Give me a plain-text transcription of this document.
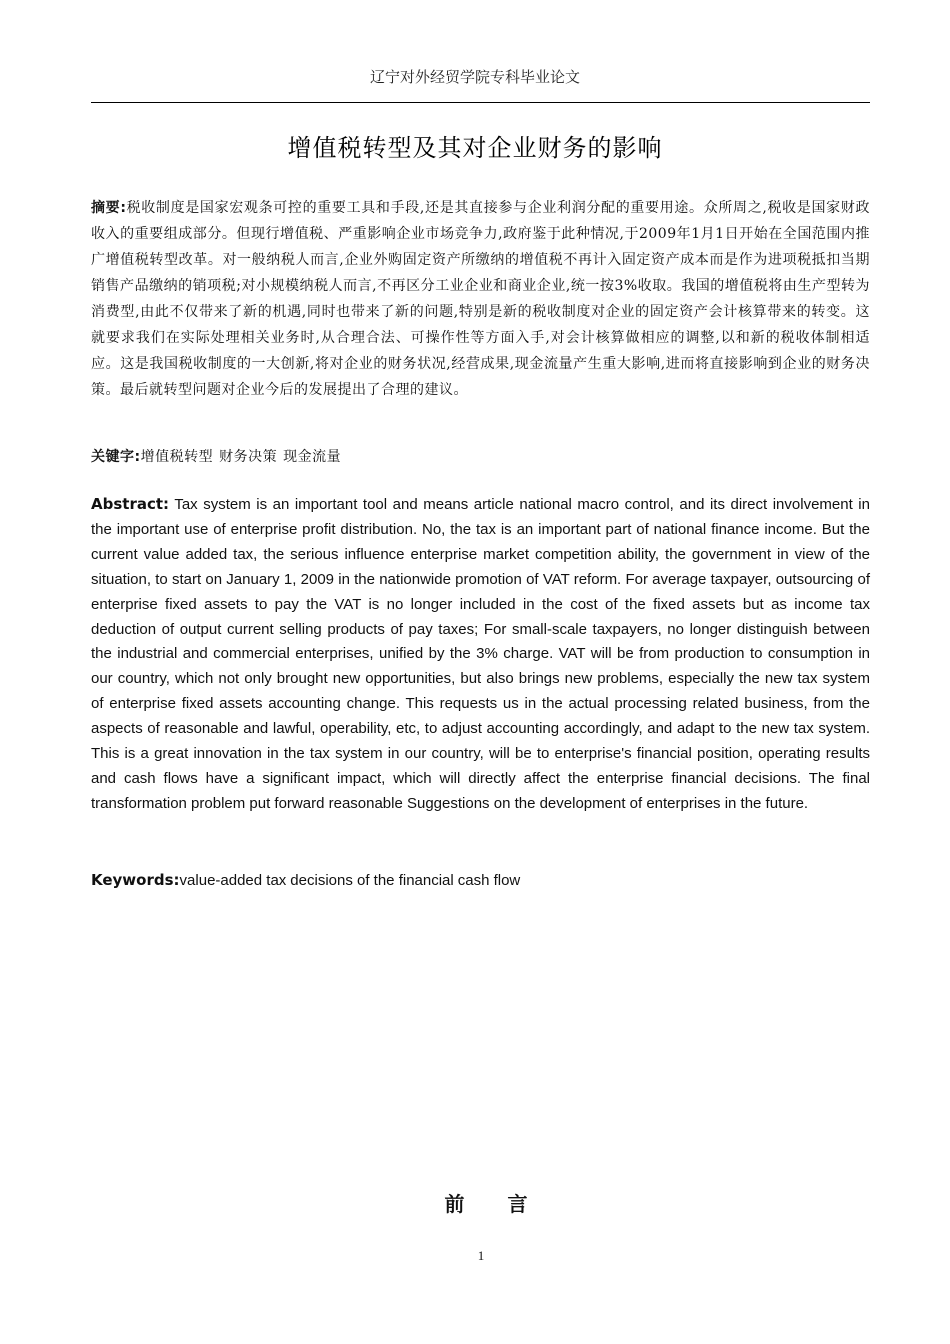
辽宁对外经贸学院专科毕业论文
增值税转型及其对企业财务的影响

摘要:税收制度是国家宏观条可控的重要工具和手段,还是其直接参与企业利润分配的重要用途。众所周之,税收是国家财政收入的重要组成部分。但现行增值税、严重影响企业市场竞争力,政府鉴于此种情况,于2009年1月1日开始在全国范围内推广增值税转型改革。对一般纳税人而言,企业外购固定资产所缴纳的增值税不再计入固定资产成本而是作为进项税抵扣当期销售产品缴纳的销项税;对小规模纳税人而言,不再区分工业企业和商业企业,统一按3%收取。我国的增值税将由生产型转为消费型,由此不仅带来了新的机遇,同时也带来了新的问题,特别是新的税收制度对企业的固定资产会计核算带来的转变。这就要求我们在实际处理相关业务时,从合理合法、可操作性等方面入手,对会计核算做相应的调整,以和新的税收体制相适应。这是我国税收制度的一大创新,将对企业的财务状况,经营成果,现金流量产生重大影响,进而将直接影响到企业的财务决策。最后就转型问题对企业今后的发展提出了合理的建议。

关键字:增值税转型 财务决策 现金流量

Abstract: Tax system is an important tool and means article national macro control, and its direct involvement in the important use of enterprise profit distribution. No, the tax is an important part of national finance income. But the current value added tax, the serious influence enterprise market competition ability, the government in view of the situation, to start on January 1, 2009 in the nationwide promotion of VAT reform. For average taxpayer, outsourcing of enterprise fixed assets to pay the VAT is no longer included in the cost of the fixed assets but as income tax deduction of output current selling products of pay taxes; For small-scale taxpayers, no longer distinguish between the industrial and commercial enterprises, unified by the 3% charge. VAT will be from production to consumption in our country, which not only brought new opportunities, but also brings new problems, especially the new tax system of enterprise fixed assets accounting change. This requests us in the actual processing related business, from the aspects of reasonable and lawful, operability, etc, to adjust accounting accordingly, and adapt to the new tax system. This is a great innovation in the tax system in our country, will be to enterprise's financial position, operating results and cash flows have a significant impact, which will directly affect the enterprise financial decisions. The final transformation problem put forward reasonable Suggestions on the development of enterprises in the future.

Keywords:value-added tax decisions of the financial cash flow

前 言
1
